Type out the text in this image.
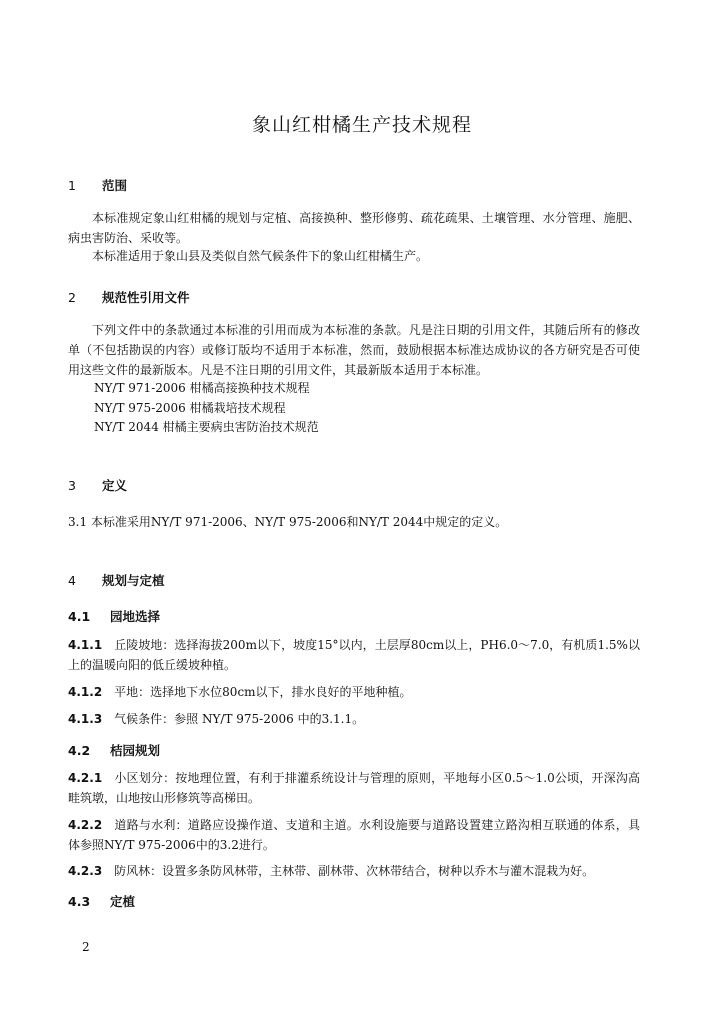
象山红柑橘生产技术规程
1 范围
本标准规定象山红柑橘的规划与定植、高接换种、整形修剪、疏花疏果、土壤管理、水分管理、施肥、病虫害防治、采收等。
本标准适用于象山县及类似自然气候条件下的象山红柑橘生产。
2 规范性引用文件
下列文件中的条款通过本标准的引用而成为本标准的条款。凡是注日期的引用文件，其随后所有的修改单（不包括勘误的内容）或修订版均不适用于本标准，然而，鼓励根据本标准达成协议的各方研究是否可使用这些文件的最新版本。凡是不注日期的引用文件，其最新版本适用于本标准。
NY/T 971-2006 柑橘高接换种技术规程
NY/T 975-2006 柑橘栽培技术规程
NY/T 2044 柑橘主要病虫害防治技术规范
3 定义
3.1 本标准采用NY/T 971-2006、NY/T 975-2006和NY/T 2044中规定的定义。
4 规划与定植
4.1 园地选择
4.1.1 丘陵坡地：选择海拔200m以下，坡度15°以内，土层厚80cm以上，PH6.0～7.0，有机质1.5%以上的温暖向阳的低丘缓坡种植。
4.1.2 平地：选择地下水位80cm以下，排水良好的平地种植。
4.1.3 气候条件：参照 NY/T 975-2006 中的3.1.1。
4.2 桔园规划
4.2.1 小区划分：按地理位置，有利于排灌系统设计与管理的原则，平地每小区0.5～1.0公顷，开深沟高畦筑墩，山地按山形修筑等高梯田。
4.2.2 道路与水利：道路应设操作道、支道和主道。水利设施要与道路设置建立路沟相互联通的体系，具体参照NY/T 975-2006中的3.2进行。
4.2.3 防风林：设置多条防风林带，主林带、副林带、次林带结合，树种以乔木与灌木混栽为好。
4.3 定植
2
